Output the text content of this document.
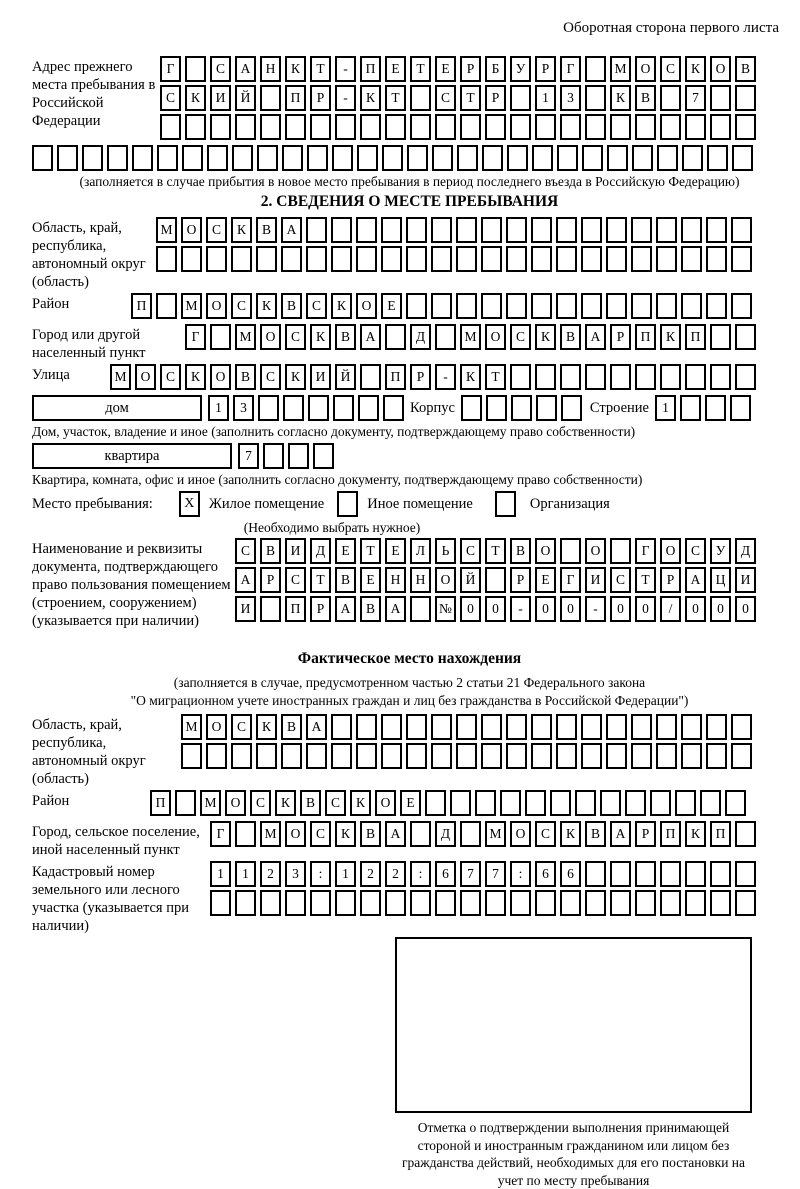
Оборотная сторона первого листа
Адрес прежнего места пребывания в Российской Федерации
Г	С	А	Н	К	Т	-	П	Е	Т	Е	Р	Б	У	Р	Г	М	О	С	К	О	В
С	К	И	Й	П	Р	-	К	Т	С	Т	Р	1	3	К	В	7
(заполняется в случае прибытия в новое место пребывания в период последнего въезда в Российскую Федерацию)
2. СВЕДЕНИЯ О МЕСТЕ ПРЕБЫВАНИЯ
Область, край, республика, автономный округ (область)
М	О	С	К	В	А
Район	П	М	О	С	К	В	С	К	О	Е
Город или другой населенный пункт
Г	М	О	С	К	В	А	Д	М	О	С	К	В	А	Р	П	К	П
Улица	М	О	С	К	О	В	С	К	И	Й	П	Р	-	К	Т
дом	1	3	Корпус	Строение 1
Дом, участок, владение и иное (заполнить согласно документу, подтверждающему право собственности)
квартира	7
Квартира, комната, офис и иное (заполнить согласно документу, подтверждающему право собственности)
Место пребывания:	X Жилое помещение	Иное помещение	Организация
(Необходимо выбрать нужное)
Наименование и реквизиты документа, подтверждающего право пользования помещением (строением, сооружением) (указывается при наличии)
С	В	И	Д	Е	Т	Е	Л	Ь	С	Т	В	О	О	Г	О	С	У	Д
А	Р	С	Т	В	Е	Н	Н	О	Й	Р	Е	Г	И	С	Т	Р	А	Ц	И
И	П	Р	А	В	А	№	0	0	-	0	0	-	0	0	/	0	0	0
Фактическое место нахождения
(заполняется в случае, предусмотренном частью 2 статьи 21 Федерального закона
"О миграционном учете иностранных граждан и лиц без гражданства в Российской Федерации")
Область, край, республика, автономный округ (область)
М	О	С	К	В	А
Район	П	М	О	С	К	В	С	К	О	Е
Город, сельское поселение, иной населенный пункт
Г	М	О	С	К	В	А	Д	М	О	С	К	В	А	Р	П	К	П
Кадастровый номер земельного или лесного участка (указывается при наличии)
1	1	2	3	:	1	2	2	:	6	7	7	:	6	6
Отметка о подтверждении выполнения принимающей стороной и иностранным гражданином или лицом без гражданства действий, необходимых для его постановки на учет по месту пребывания
